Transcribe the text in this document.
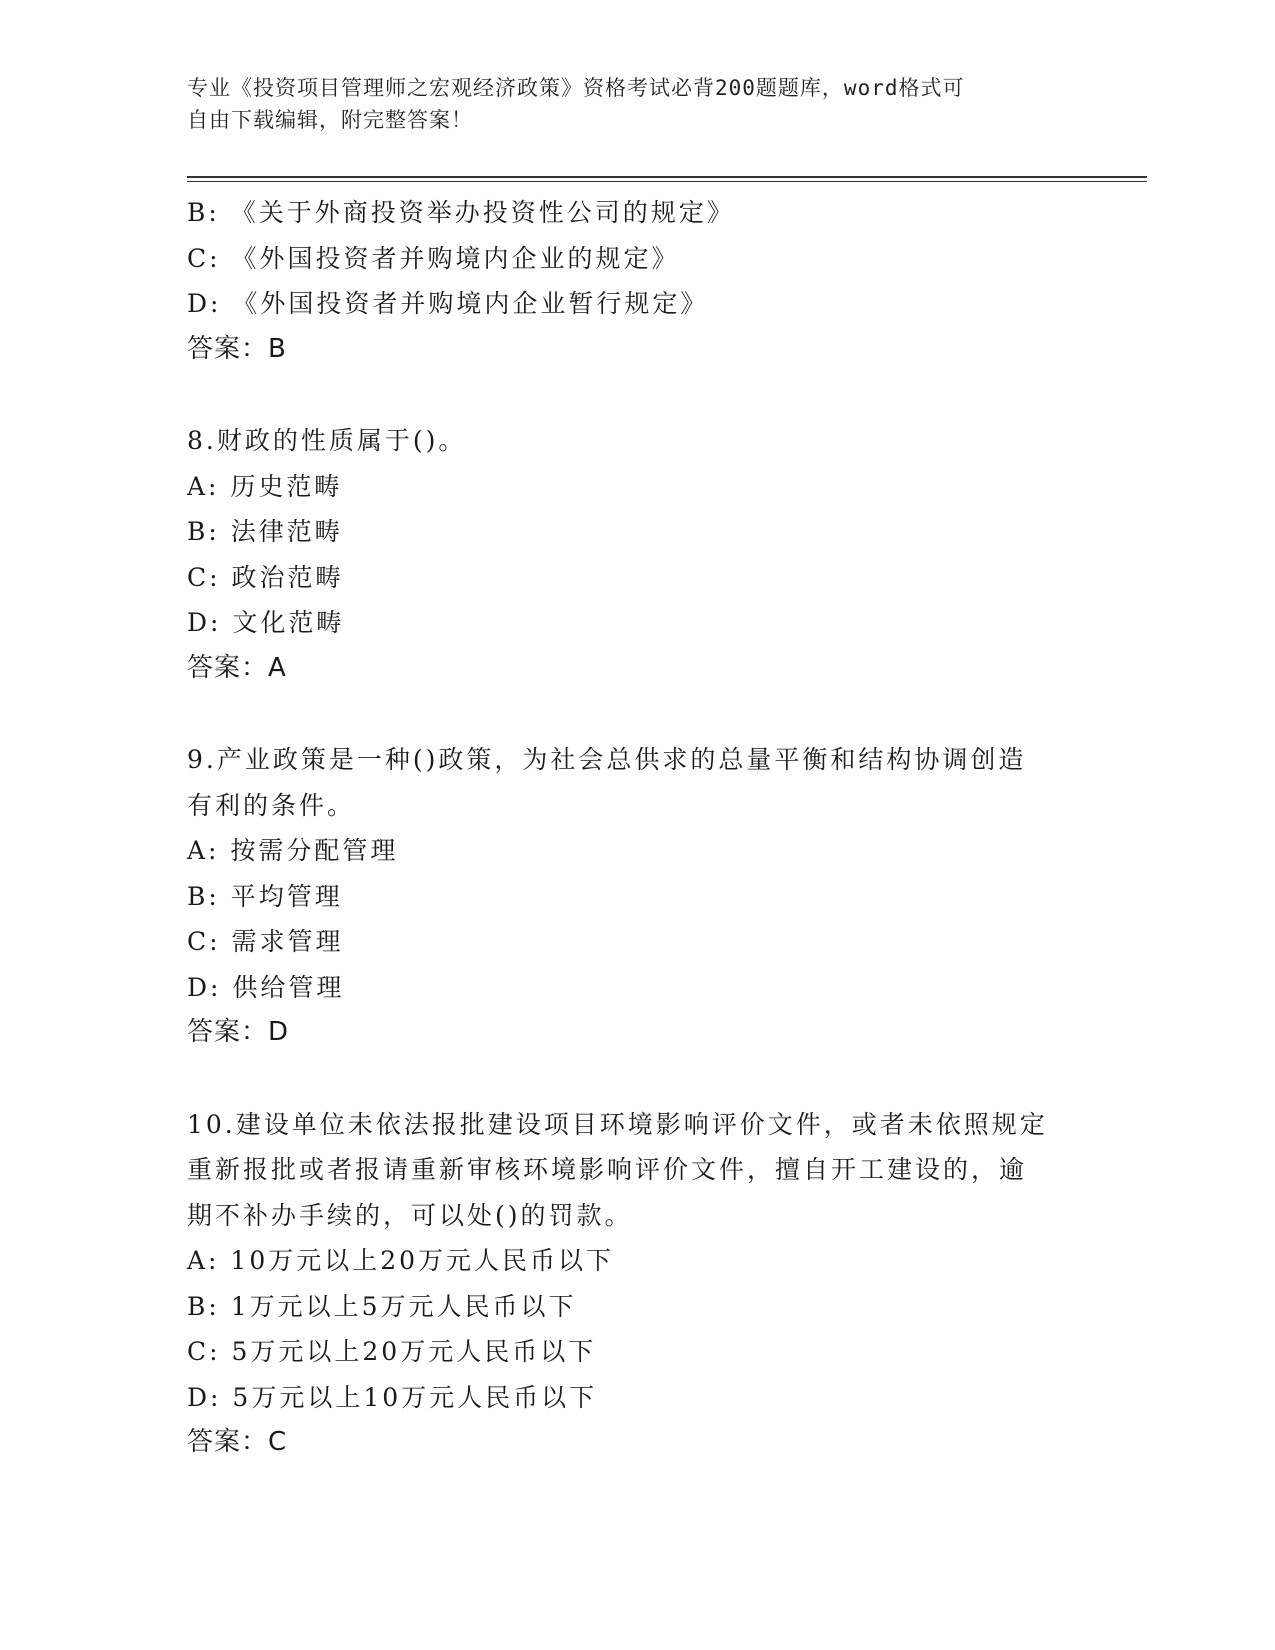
专业《投资项目管理师之宏观经济政策》资格考试必背200题题库，word格式可
自由下载编辑，附完整答案！
B: 《关于外商投资举办投资性公司的规定》
C: 《外国投资者并购境内企业的规定》
D: 《外国投资者并购境内企业暂行规定》
答案：B
8.财政的性质属于()。
A: 历史范畴
B: 法律范畴
C: 政治范畴
D: 文化范畴
答案：A
9.产业政策是一种()政策，为社会总供求的总量平衡和结构协调创造
有利的条件。
A: 按需分配管理
B: 平均管理
C: 需求管理
D: 供给管理
答案：D
10.建设单位未依法报批建设项目环境影响评价文件，或者未依照规定
重新报批或者报请重新审核环境影响评价文件，擅自开工建设的，逾
期不补办手续的，可以处()的罚款。
A: 10万元以上20万元人民币以下
B: 1万元以上5万元人民币以下
C: 5万元以上20万元人民币以下
D: 5万元以上10万元人民币以下
答案：C
